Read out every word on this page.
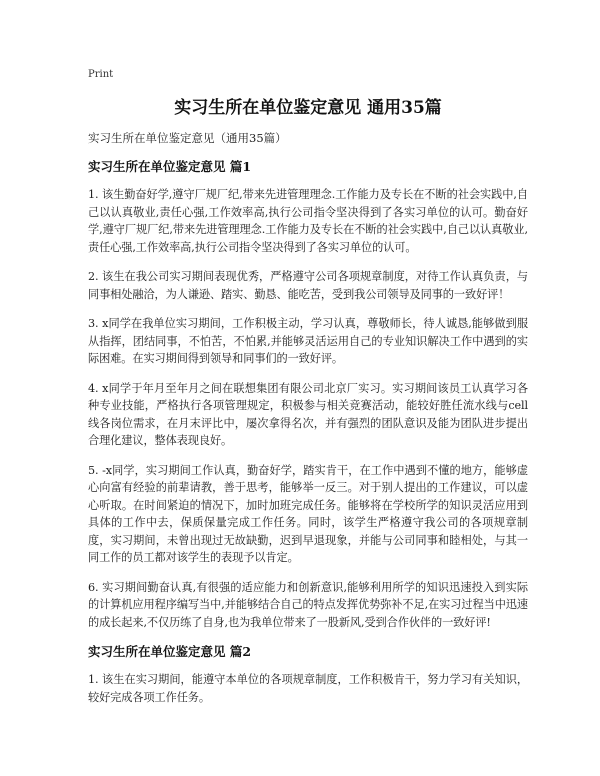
Print

实习生所在单位鉴定意见 通用35篇

实习生所在单位鉴定意见（通用35篇）

实习生所在单位鉴定意见 篇1

1. 该生勤奋好学,遵守厂规厂纪,带来先进管理理念.工作能力及专长在不断的社会实践中,自己以认真敬业,责任心强,工作效率高,执行公司指令坚决得到了各实习单位的认可。勤奋好学,遵守厂规厂纪,带来先进管理理念.工作能力及专长在不断的社会实践中,自己以认真敬业,责任心强,工作效率高,执行公司指令坚决得到了各实习单位的认可。

2. 该生在我公司实习期间表现优秀，严格遵守公司各项规章制度，对待工作认真负责，与同事相处融洽，为人谦逊、踏实、勤恳、能吃苦，受到我公司领导及同事的一致好评！

3. x同学在我单位实习期间，工作积极主动，学习认真，尊敬师长，待人诚恳,能够做到服从指挥，团结同事，不怕苦，不怕累,并能够灵活运用自己的专业知识解决工作中遇到的实际困难。在实习期间得到领导和同事们的一致好评。

4. x同学于年月至年月之间在联想集团有限公司北京厂实习。实习期间该员工认真学习各种专业技能，严格执行各项管理规定，积极参与相关竞赛活动，能较好胜任流水线与cell线各岗位需求，在月末评比中，屡次拿得名次，并有强烈的团队意识及能为团队进步提出合理化建议，整体表现良好。

5. -x同学，实习期间工作认真，勤奋好学，踏实肯干，在工作中遇到不懂的地方，能够虚心向富有经验的前辈请教，善于思考，能够举一反三。对于别人提出的工作建议，可以虚心听取。在时间紧迫的情况下，加时加班完成任务。能够将在学校所学的知识灵活应用到具体的工作中去，保质保量完成工作任务。同时，该学生严格遵守我公司的各项规章制度，实习期间，未曾出现过无故缺勤，迟到早退现象，并能与公司同事和睦相处，与其一同工作的员工都对该学生的表现予以肯定。

6. 实习期间勤奋认真,有很强的适应能力和创新意识,能够利用所学的知识迅速投入到实际的计算机应用程序编写当中,并能够结合自己的特点发挥优势弥补不足,在实习过程当中迅速的成长起来,不仅历练了自身,也为我单位带来了一股新风,受到合作伙伴的一致好评!

实习生所在单位鉴定意见 篇2

1. 该生在实习期间，能遵守本单位的各项规章制度，工作积极肯干，努力学习有关知识，较好完成各项工作任务。
